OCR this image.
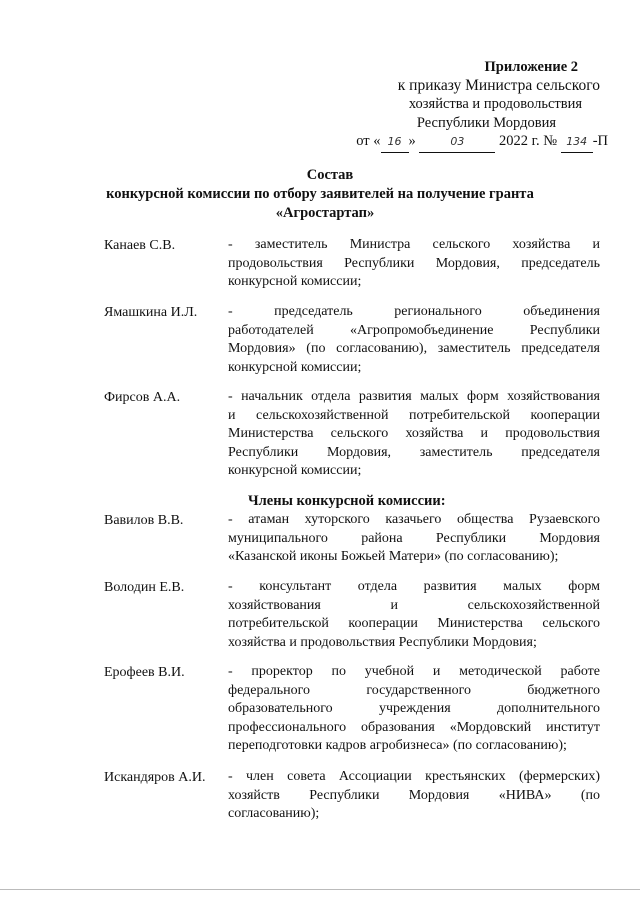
Приложение 2
к приказу Министра сельского
хозяйства и продовольствия
Республики Мордовия
от « 16 »	03 2022 г. № 134 -П
Состав
конкурсной комиссии по отбору заявителей на получение гранта
«Агростартап»
Канаев С.В.	- заместитель Министра сельского хозяйства и
продовольствия Республики Мордовия, председатель
конкурсной комиссии;
Ямашкина И.Л. - председатель регионального объединения
работодателей «Агропромобъединение Республики
Мордовия» (по согласованию), заместитель председателя
конкурсной комиссии;
Фирсов А.А.	- начальник отдела развития малых форм хозяйствования
и сельскохозяйственной потребительской кооперации
Министерства сельского хозяйства и продовольствия
Республики Мордовия, заместитель председателя
конкурсной комиссии;
Члены конкурсной комиссии:
Вавилов В.В.	- атаман хуторского казачьего общества Рузаевского
муниципального района Республики Мордовия
«Казанской иконы Божьей Матери» (по согласованию);
Володин Е.В.	- консультант отдела развития малых форм
хозяйствования и сельскохозяйственной
потребительской кооперации Министерства сельского
хозяйства и продовольствия Республики Мордовия;
Ерофеев В.И.	- проректор по учебной и методической работе
федерального государственного бюджетного
образовательного учреждения дополнительного
профессионального образования «Мордовский институт
переподготовки кадров агробизнеса» (по согласованию);
Искандяров А.И. - член совета Ассоциации крестьянских (фермерских)
хозяйств Республики Мордовия «НИВА» (по
согласованию);
